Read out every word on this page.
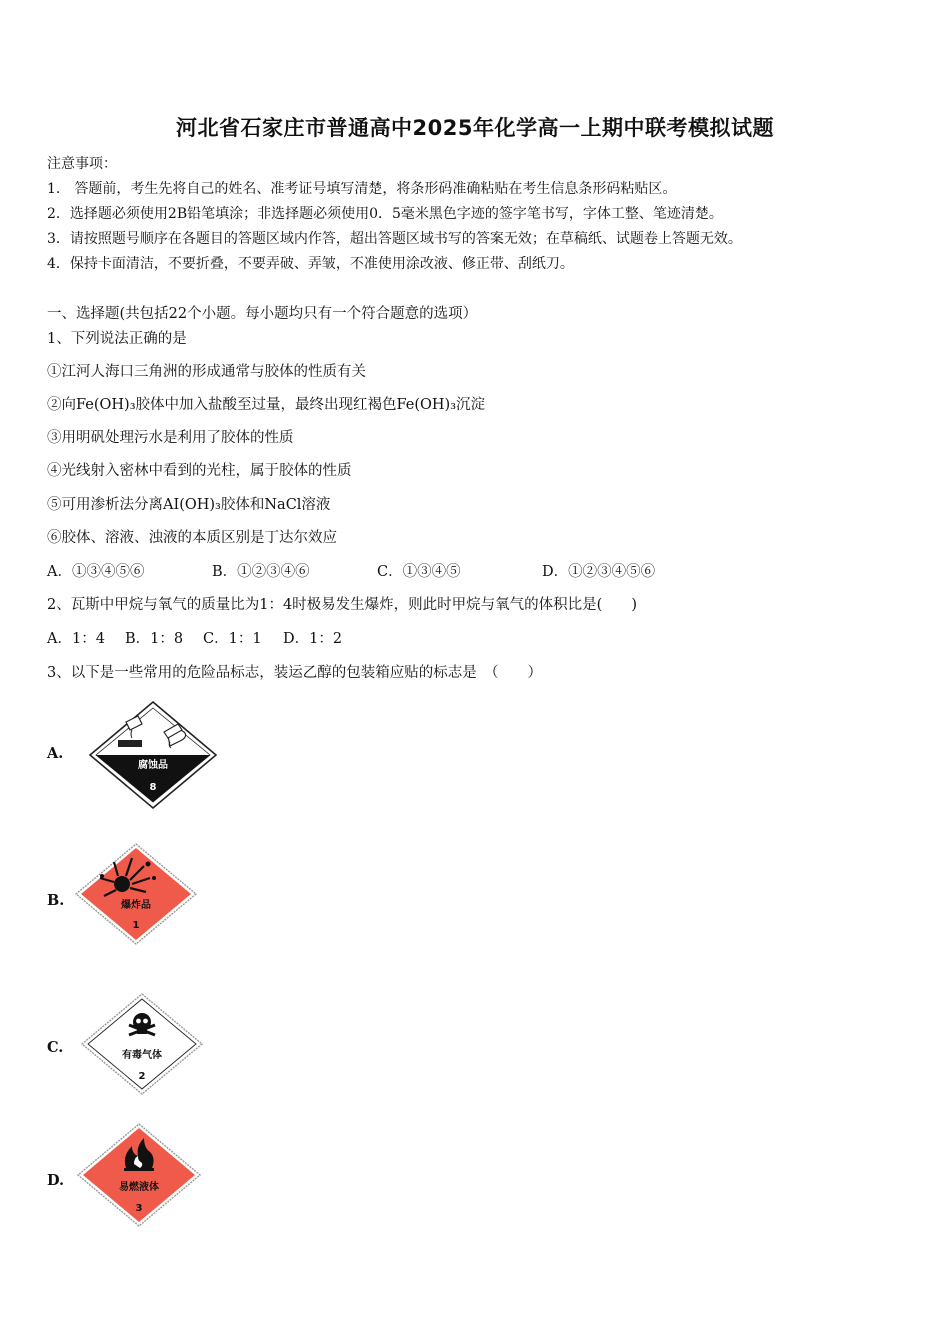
河北省石家庄市普通高中2025年化学高一上期中联考模拟试题
注意事项：
1.　答题前，考生先将自己的姓名、准考证号填写清楚，将条形码准确粘贴在考生信息条形码粘贴区。
2．选择题必须使用2B铅笔填涂；非选择题必须使用0．5毫米黑色字迹的签字笔书写，字体工整、笔迹清楚。
3．请按照题号顺序在各题目的答题区域内作答，超出答题区域书写的答案无效；在草稿纸、试题卷上答题无效。
4．保持卡面清洁，不要折叠，不要弄破、弄皱，不准使用涂改液、修正带、刮纸刀。
一、选择题(共包括22个小题。每小题均只有一个符合题意的选项）
1、下列说法正确的是
①江河人海口三角洲的形成通常与胶体的性质有关
②向Fe(OH)₃胶体中加入盐酸至过量，最终出现红褐色Fe(OH)₃沉淀
③用明矾处理污水是利用了胶体的性质
④光线射入密林中看到的光柱，属于胶体的性质
⑤可用渗析法分离AI(OH)₃胶体和NaCl溶液
⑥胶体、溶液、浊液的本质区别是丁达尔效应
A．①③④⑤⑥	B．①②③④⑥	C．①③④⑤	D．①②③④⑤⑥
2、瓦斯中甲烷与氧气的质量比为1：4时极易发生爆炸，则此时甲烷与氧气的体积比是(　　)
A．1：4 B．1：8 C．1：1 D．1：2
3、以下是一些常用的危险品标志，装运乙醇的包装箱应贴的标志是　（　　）
A.
腐蚀品
8
B.	爆炸品
1
C.	有毒气体
2
D.	易燃液体
3
